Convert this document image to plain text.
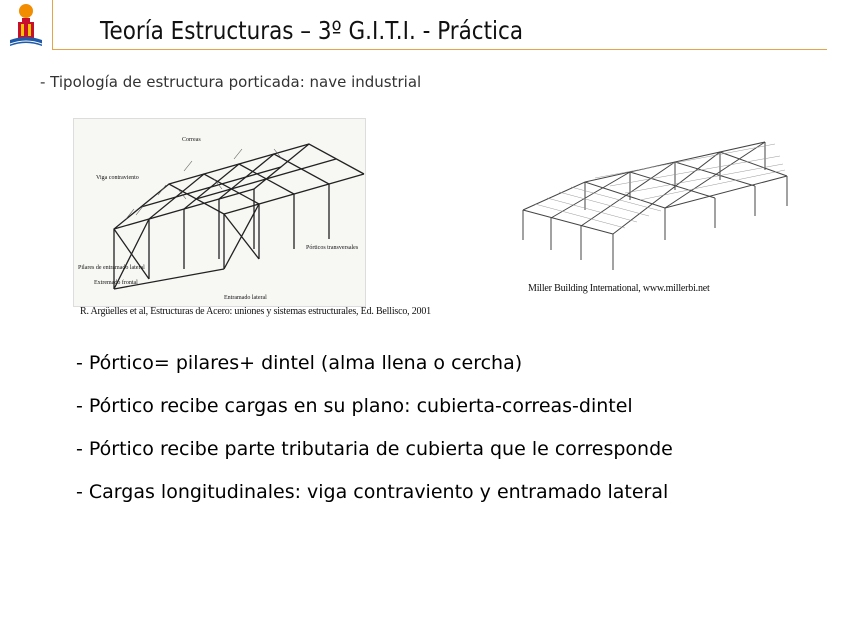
Teoría Estructuras – 3º G.I.T.I. - Práctica
- Tipología de estructura porticada: nave industrial
Correas
Viga contraviento
Pórticos transversales
Pilares de entramado lateral
Extremado frontal
Entramado lateral
R. Argüelles et al, Estructuras de Acero: uniones y sistemas estructurales, Ed. Bellisco, 2001
Miller Building International, www.millerbi.net
- Pórtico= pilares+ dintel (alma llena o cercha)
- Pórtico recibe cargas en su plano: cubierta-correas-dintel
- Pórtico recibe parte tributaria de cubierta que le corresponde
- Cargas longitudinales: viga contraviento y entramado lateral
